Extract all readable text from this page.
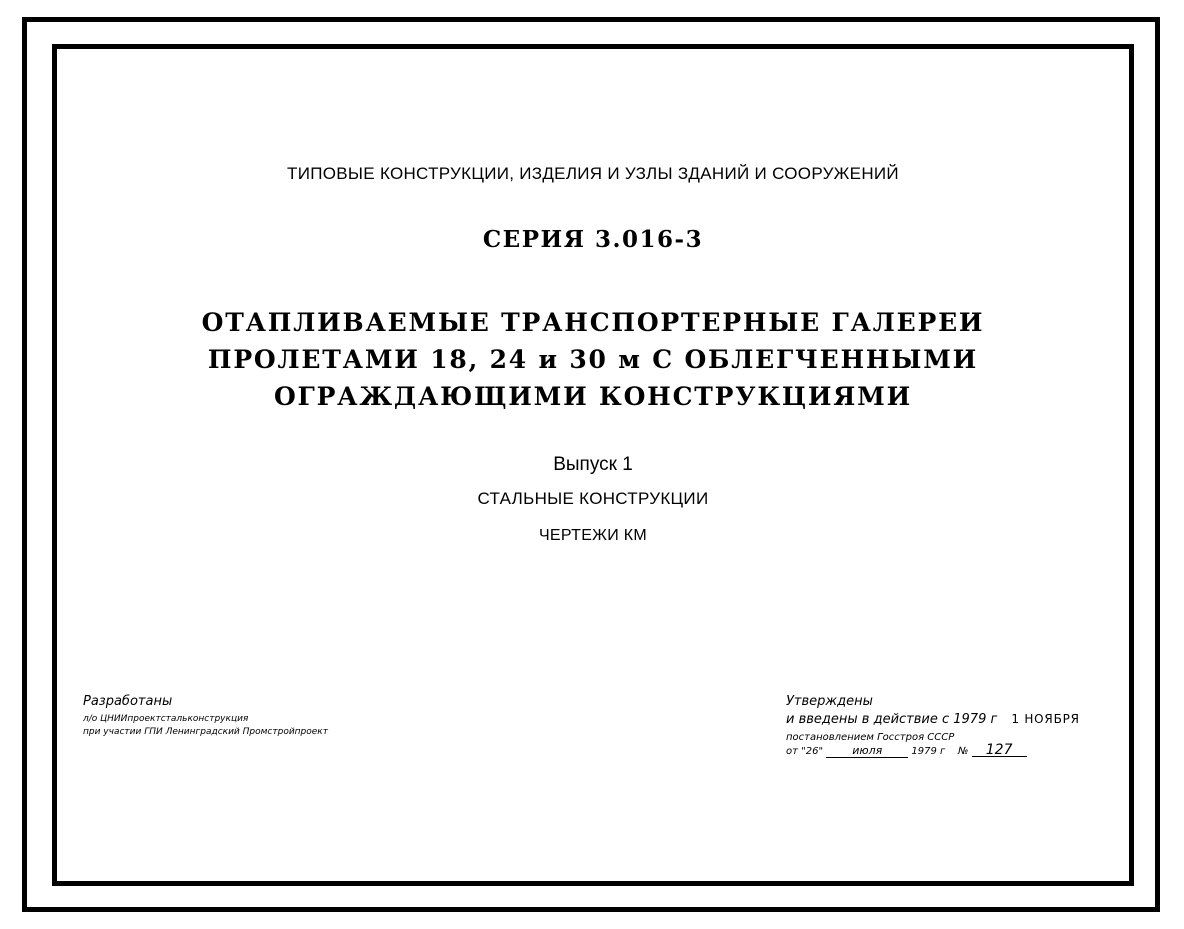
ТИПОВЫЕ КОНСТРУКЦИИ, ИЗДЕЛИЯ И УЗЛЫ ЗДАНИЙ И СООРУЖЕНИЙ
СЕРИЯ 3.016-3
ОТАПЛИВАЕМЫЕ ТРАНСПОРТЕРНЫЕ ГАЛЕРЕИ
ПРОЛЕТАМИ 18, 24 и 30 м С ОБЛЕГЧЕННЫМИ
ОГРАЖДАЮЩИМИ КОНСТРУКЦИЯМИ
Выпуск 1
СТАЛЬНЫЕ КОНСТРУКЦИИ
ЧЕРТЕЖИ КМ
Разработаны
л/о ЦНИИпроектстальконструкция
при участии ГПИ Ленинградский Промстройпроект
Утверждены
и введены в действие с 1979 г 1 НОЯБРЯ
постановлением Госстроя СССР
от "26"	июля	1979 г № 127
